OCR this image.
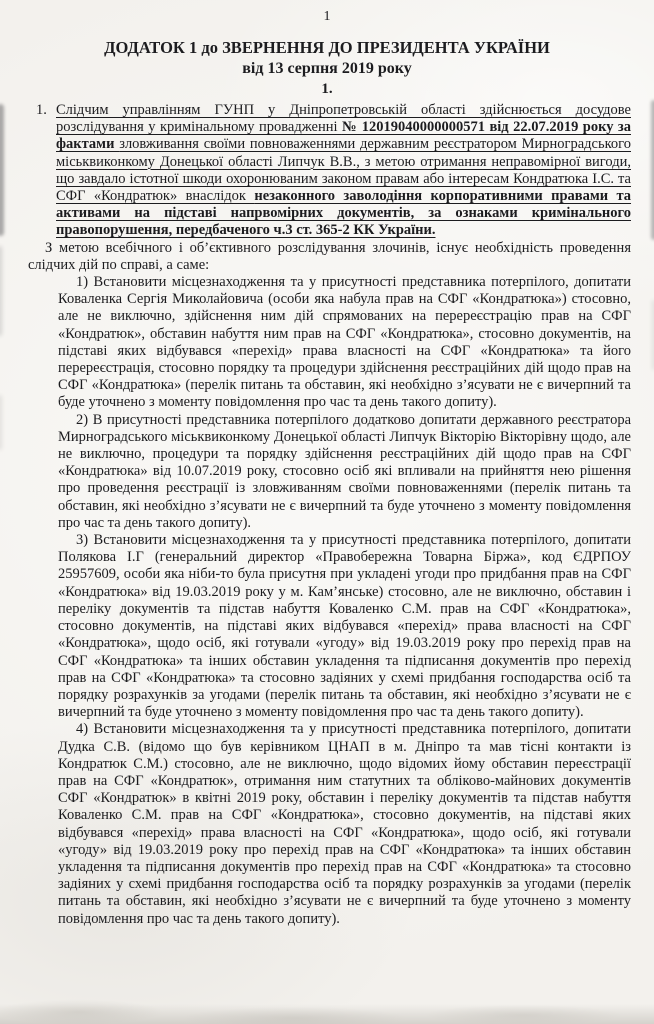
1
ДОДАТОК 1 до ЗВЕРНЕННЯ ДО ПРЕЗИДЕНТА УКРАЇНИ
від 13 серпня 2019 року
1.
1. Слідчим управлінням ГУНП у Дніпропетровській області здійснюється досудове розслідування у кримінальному провадженні № 12019040000000571 від 22.07.2019 року за фактами зловживання своїми повноваженнями державним реєстратором Мирноградського міськвиконкому Донецької області Липчук В.В., з метою отримання неправомірної вигоди, що завдало істотної шкоди охоронюваним законом правам або інтересам Кондратюка І.С. та СФГ «Кондратюк» внаслідок незаконного заволодіння корпоративними правами та активами на підставі напрвомірних документів, за ознаками кримінального правопорушення, передбаченого ч.3 ст. 365-2 КК України.

З метою всебічного і об’єктивного розслідування злочинів, існує необхідність проведення слідчих дій по справі, а саме:

1) Встановити місцезнаходження та у присутності представника потерпілого, допитати Коваленка Сергія Миколайовича (особи яка набула прав на СФГ «Кондратюка») стосовно, але не виключно, здійснення ним дій спрямованих на перереєстрацію прав на СФГ «Кондратюк», обставин набуття ним прав на СФГ «Кондратюка», стосовно документів, на підставі яких відбувався «перехід» права власності на СФГ «Кондратюка» та його перереєстрація, стосовно порядку та процедури здійснення реєстраційних дій щодо прав на СФГ «Кондратюка» (перелік питань та обставин, які необхідно з’ясувати не є вичерпний та буде уточнено з моменту повідомлення про час та день такого допиту).

2) В присутності представника потерпілого додатково допитати державного реєстратора Мирноградського міськвиконкому Донецької області Липчук Вікторію Вікторівну щодо, але не виключно, процедури та порядку здійснення реєстраційних дій щодо прав на СФГ «Кондратюка» від 10.07.2019 року, стосовно осіб які впливали на прийняття нею рішення про проведення реєстрації із зловживанням своїми повноваженнями (перелік питань та обставин, які необхідно з’ясувати не є вичерпний та буде уточнено з моменту повідомлення про час та день такого допиту).

3) Встановити місцезнаходження та у присутності представника потерпілого, допитати Полякова І.Г (генеральний директор «Правобережна Товарна Біржа», код ЄДРПОУ 25957609, особи яка ніби-то була присутня при укладені угоди про придбання прав на СФГ «Кондратюка» від 19.03.2019 року у м. Кам’янське) стосовно, але не виключно, обставин і переліку документів та підстав набуття Коваленко С.М. прав на СФГ «Кондратюка», стосовно документів, на підставі яких відбувався «перехід» права власності на СФГ «Кондратюка», щодо осіб, які готували «угоду» від 19.03.2019 року про перехід прав на СФГ «Кондратюка» та інших обставин укладення та підписання документів про перехід прав на СФГ «Кондратюка» та стосовно задіяних у схемі придбання господарства осіб та порядку розрахунків за угодами (перелік питань та обставин, які необхідно з’ясувати не є вичерпний та буде уточнено з моменту повідомлення про час та день такого допиту).

4) Встановити місцезнаходження та у присутності представника потерпілого, допитати Дудка С.В. (відомо що був керівником ЦНАП в м. Дніпро та мав тісні контакти із Кондратюк С.М.) стосовно, але не виключно, щодо відомих йому обставин переєстрації прав на СФГ «Кондратюк», отримання ним статутних та обліково-майнових документів СФГ «Кондратюк» в квітні 2019 року, обставин і переліку документів та підстав набуття Коваленко С.М. прав на СФГ «Кондратюка», стосовно документів, на підставі яких відбувався «перехід» права власності на СФГ «Кондратюка», щодо осіб, які готували «угоду» від 19.03.2019 року про перехід прав на СФГ «Кондратюка» та інших обставин укладення та підписання документів про перехід прав на СФГ «Кондратюка» та стосовно задіяних у схемі придбання господарства осіб та порядку розрахунків за угодами (перелік питань та обставин, які необхідно з’ясувати не є вичерпний та буде уточнено з моменту повідомлення про час та день такого допиту).
